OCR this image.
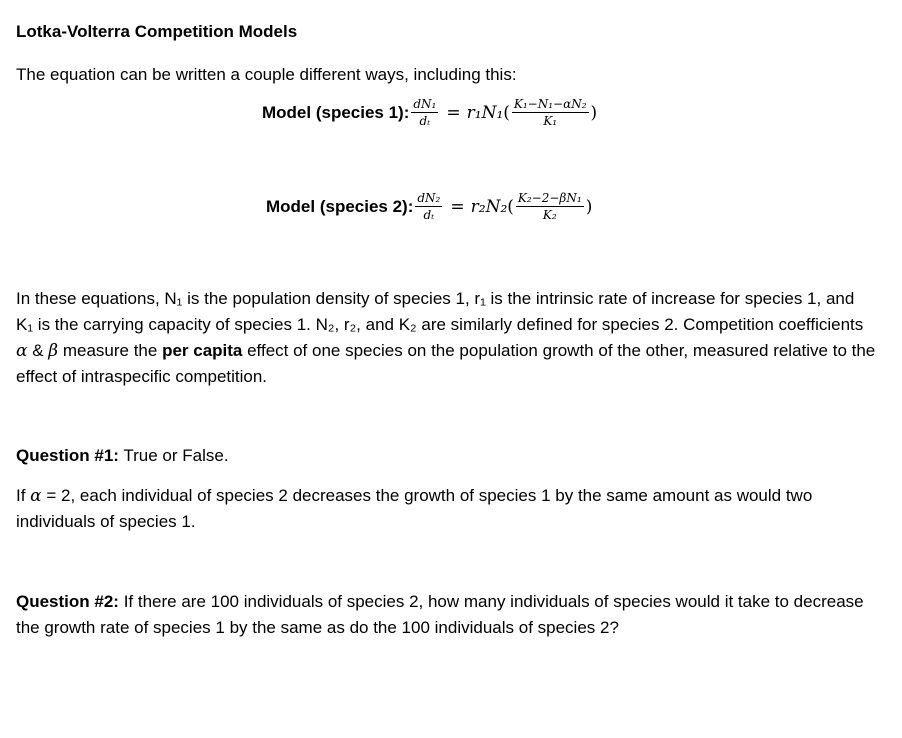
Lotka-Volterra Competition Models
The equation can be written a couple different ways, including this:
Model (species 1): $\frac{\text{dN₁}}{\text{dₜ}} = r_1N_1$ ( $\frac{\text{K₁−N₁−αN₂}}{\text{K₁}}$ )
Model (species 2): $\frac{\text{dN₂}}{\text{dₜ}} = r_2N_2$ ( $\frac{\text{K₂−2−βN₁}}{\text{K₂}}$ )
In these equations, N₁ is the population density of species 1, r₁ is the intrinsic rate of increase for species 1, and K₁ is the carrying capacity of species 1. N₂, r₂, and K₂ are similarly defined for species 2. Competition coefficients α & β measure the per capita effect of one species on the population growth of the other, measured relative to the effect of intraspecific competition.
Question #1: True or False.
If α = 2, each individual of species 2 decreases the growth of species 1 by the same amount as would two individuals of species 1.
Question #2: If there are 100 individuals of species 2, how many individuals of species would it take to decrease the growth rate of species 1 by the same as do the 100 individuals of species 2?
